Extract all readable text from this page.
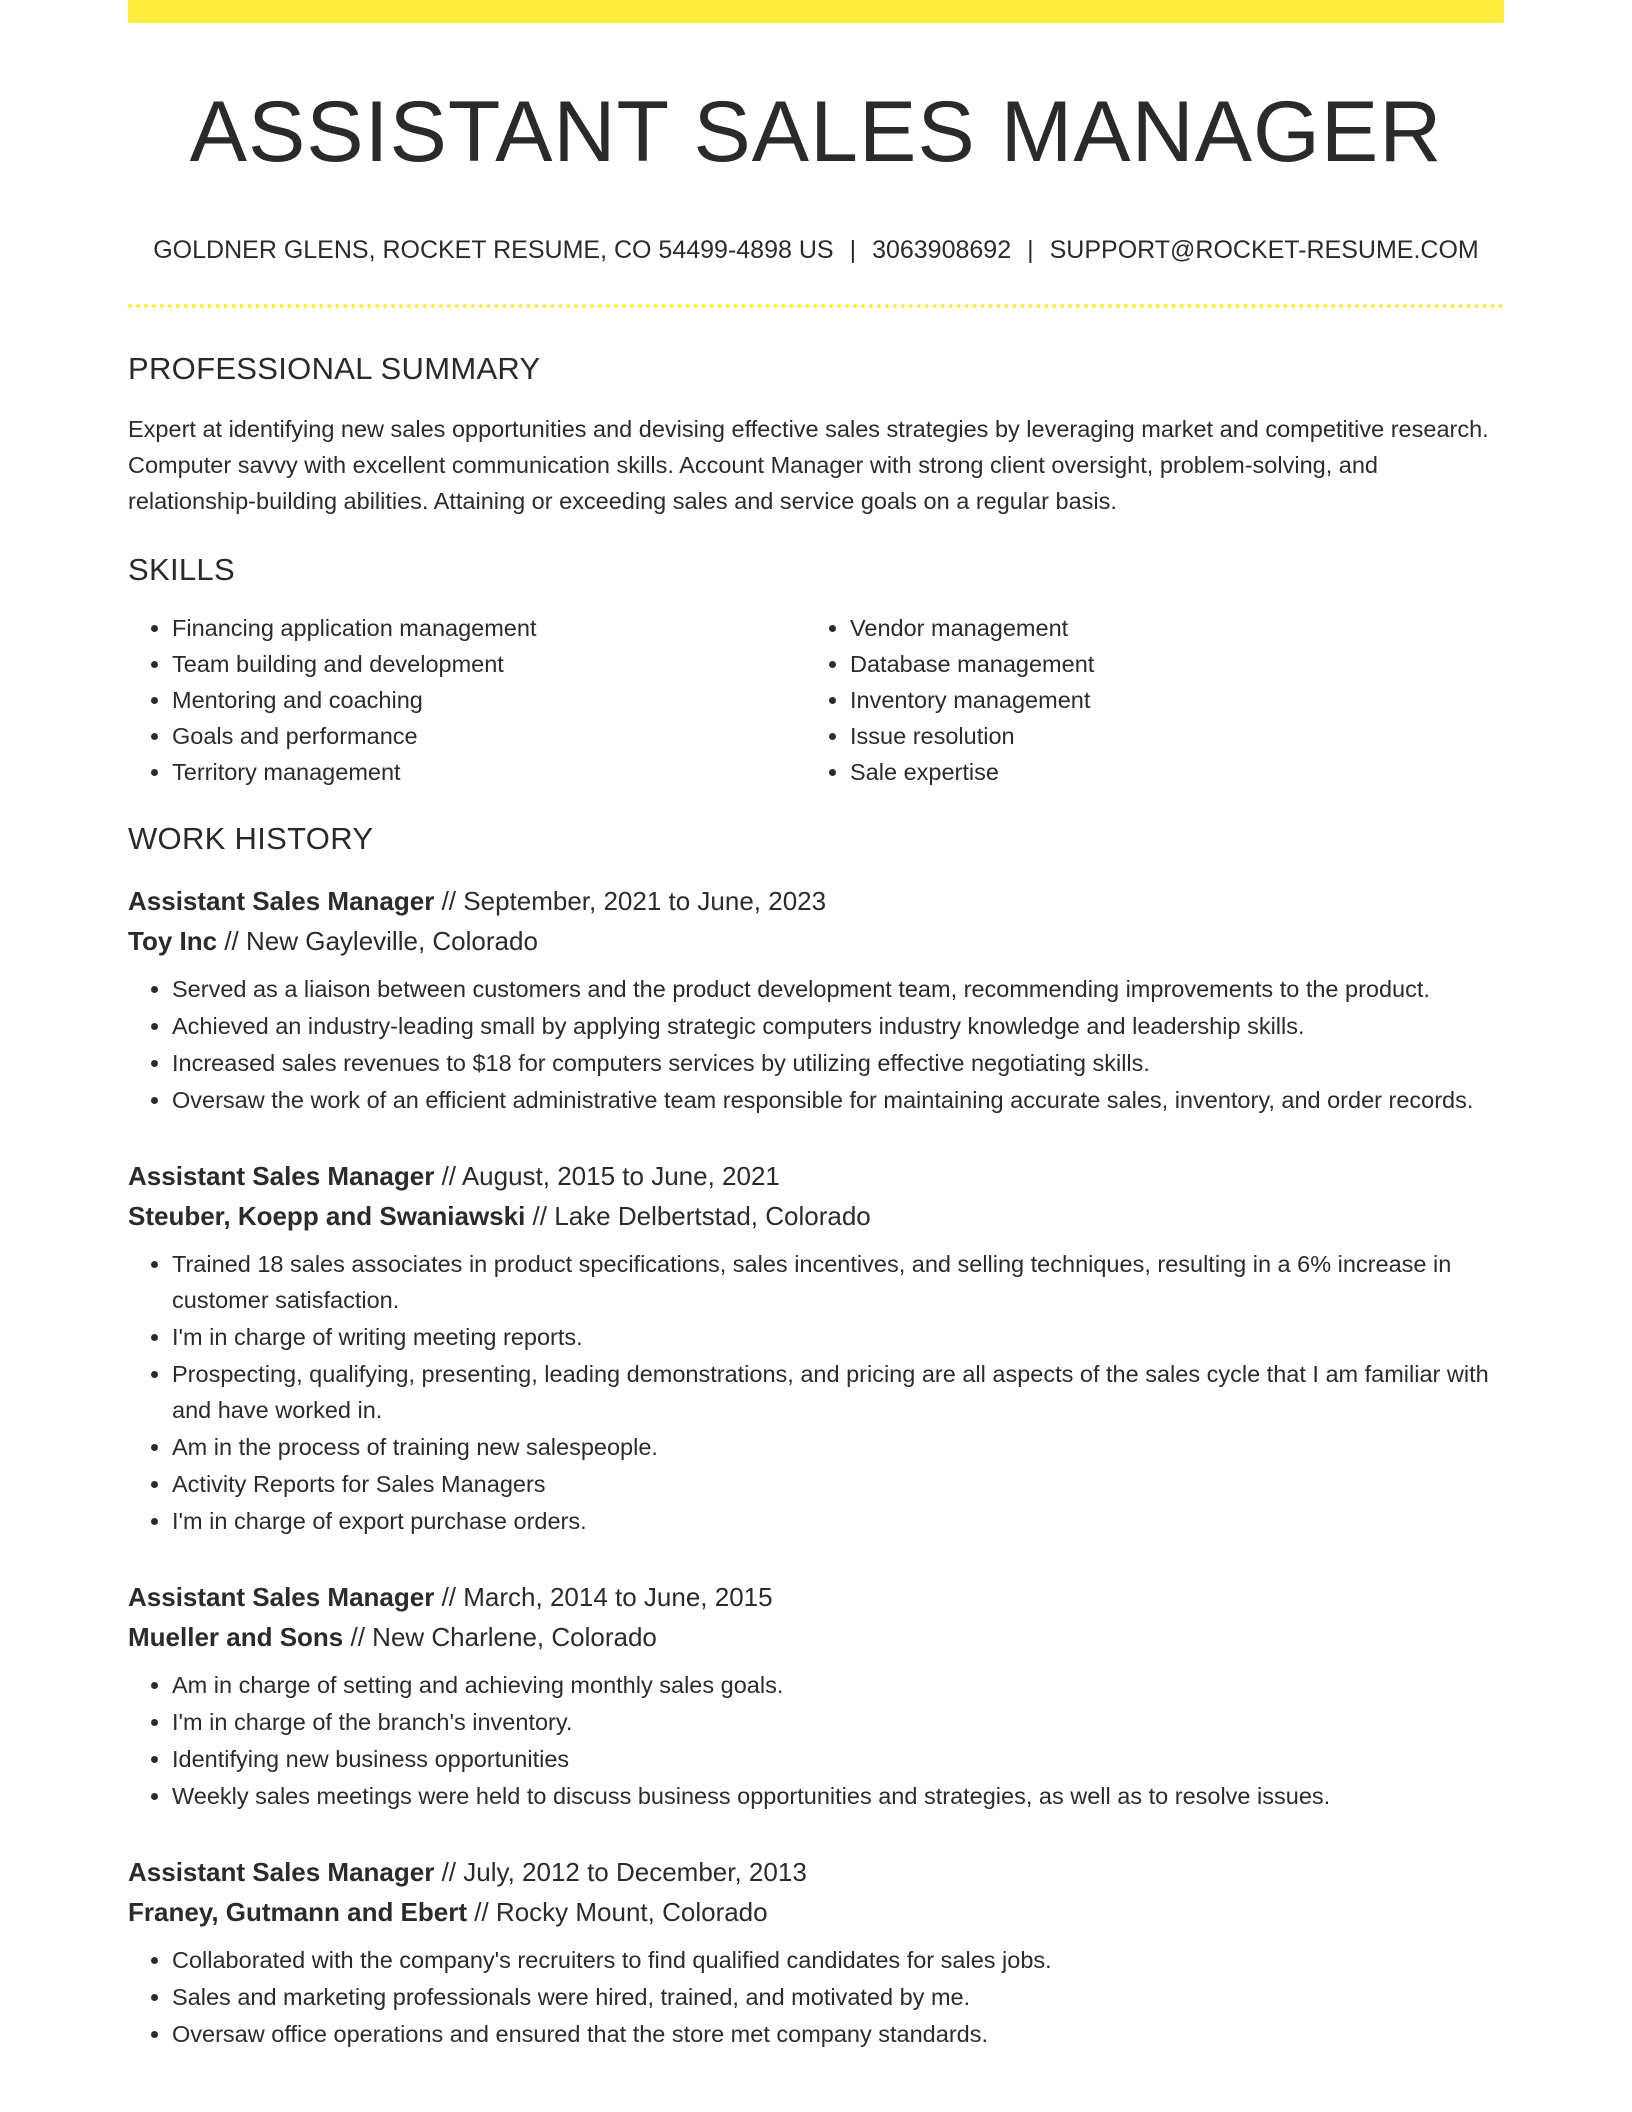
ASSISTANT SALES MANAGER
GOLDNER GLENS, ROCKET RESUME, CO 54499-4898 US | 3063908692 | SUPPORT@ROCKET-RESUME.COM
PROFESSIONAL SUMMARY
Expert at identifying new sales opportunities and devising effective sales strategies by leveraging market and competitive research. Computer savvy with excellent communication skills. Account Manager with strong client oversight, problem-solving, and relationship-building abilities. Attaining or exceeding sales and service goals on a regular basis.
SKILLS
• Financing application management
• Team building and development
• Mentoring and coaching
• Goals and performance
• Territory management
• Vendor management
• Database management
• Inventory management
• Issue resolution
• Sale expertise
WORK HISTORY
Assistant Sales Manager // September, 2021 to June, 2023
Toy Inc // New Gayleville, Colorado
• Served as a liaison between customers and the product development team, recommending improvements to the product.
• Achieved an industry-leading small by applying strategic computers industry knowledge and leadership skills.
• Increased sales revenues to $18 for computers services by utilizing effective negotiating skills.
• Oversaw the work of an efficient administrative team responsible for maintaining accurate sales, inventory, and order records.
Assistant Sales Manager // August, 2015 to June, 2021
Steuber, Koepp and Swaniawski // Lake Delbertstad, Colorado
• Trained 18 sales associates in product specifications, sales incentives, and selling techniques, resulting in a 6% increase in customer satisfaction.
• I'm in charge of writing meeting reports.
• Prospecting, qualifying, presenting, leading demonstrations, and pricing are all aspects of the sales cycle that I am familiar with and have worked in.
• Am in the process of training new salespeople.
• Activity Reports for Sales Managers
• I'm in charge of export purchase orders.
Assistant Sales Manager // March, 2014 to June, 2015
Mueller and Sons // New Charlene, Colorado
• Am in charge of setting and achieving monthly sales goals.
• I'm in charge of the branch's inventory.
• Identifying new business opportunities
• Weekly sales meetings were held to discuss business opportunities and strategies, as well as to resolve issues.
Assistant Sales Manager // July, 2012 to December, 2013
Franey, Gutmann and Ebert // Rocky Mount, Colorado
• Collaborated with the company's recruiters to find qualified candidates for sales jobs.
• Sales and marketing professionals were hired, trained, and motivated by me.
• Oversaw office operations and ensured that the store met company standards.
